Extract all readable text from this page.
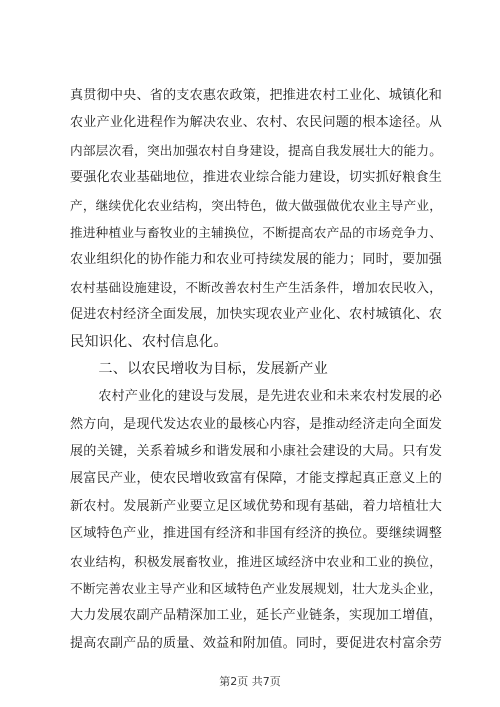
真贯彻中央、省的支农惠农政策，把推进农村工业化、城镇化和
农业产业化进程作为解决农业、农村、农民问题的根本途径。从
内部层次看，突出加强农村自身建设，提高自我发展壮大的能力。
要强化农业基础地位，推进农业综合能力建设，切实抓好粮食生
产，继续优化农业结构，突出特色，做大做强做优农业主导产业，
推进种植业与畜牧业的主辅换位，不断提高农产品的市场竞争力、
农业组织化的协作能力和农业可持续发展的能力；同时，要加强
农村基础设施建设，不断改善农村生产生活条件，增加农民收入，
促进农村经济全面发展，加快实现农业产业化、农村城镇化、农
民知识化、农村信息化。
二、以农民增收为目标，发展新产业
农村产业化的建设与发展，是先进农业和未来农村发展的必
然方向，是现代发达农业的最核心内容，是推动经济走向全面发
展的关键，关系着城乡和谐发展和小康社会建设的大局。只有发
展富民产业，使农民增收致富有保障，才能支撑起真正意义上的
新农村。发展新产业要立足区域优势和现有基础，着力培植壮大
区域特色产业，推进国有经济和非国有经济的换位。要继续调整
农业结构，积极发展畜牧业，推进区域经济中农业和工业的换位，
不断完善农业主导产业和区域特色产业发展规划，壮大龙头企业，
大力发展农副产品精深加工业，延长产业链条，实现加工增值，
提高农副产品的质量、效益和附加值。同时，要促进农村富余劳
第2页 共7页
